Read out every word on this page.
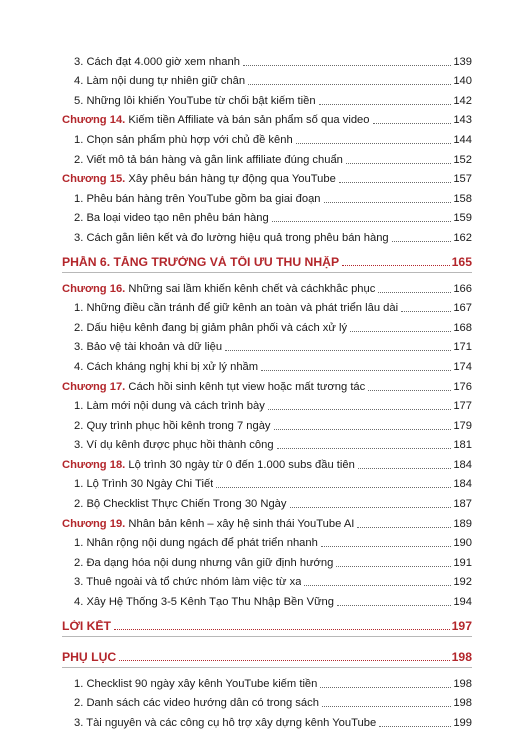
3. Cách đạt 4.000 giờ xem nhanh	139
4. Làm nội dung tự nhiên giữ chân	140
5. Những lỗi khiến YouTube từ chối bật kiếm tiền	142
Chương 14. Kiếm tiền Affiliate và bán sản phẩm số qua video	143
1. Chọn sản phẩm phù hợp với chủ đề kênh	144
2. Viết mô tả bán hàng và gắn link affiliate đúng chuẩn	152
Chương 15. Xây phễu bán hàng tự động qua YouTube	157
1. Phễu bán hàng trên YouTube gồm ba giai đoạn	158
2. Ba loại video tạo nên phễu bán hàng	159
3. Cách gắn liên kết và đo lường hiệu quả trong phễu bán hàng	162
PHẦN 6. TĂNG TRƯỞNG VÀ TỐI ƯU THU NHẬP	165
Chương 16. Những sai lầm khiến kênh chết và cáchkhắc phục	166
1. Những điều cần tránh để giữ kênh an toàn và phát triển lâu dài	167
2. Dấu hiệu kênh đang bị giảm phân phối và cách xử lý	168
3. Bảo vệ tài khoản và dữ liệu	171
4. Cách kháng nghị khi bị xử lý nhầm	174
Chương 17. Cách hồi sinh kênh tụt view hoặc mất tương tác	176
1. Làm mới nội dung và cách trình bày	177
2. Quy trình phục hồi kênh trong 7 ngày	179
3. Ví dụ kênh được phục hồi thành công	181
Chương 18. Lộ trình 30 ngày từ 0 đến 1.000 subs đầu tiên	184
1. Lộ Trình 30 Ngày Chi Tiết	184
2. Bộ Checklist Thực Chiến Trong 30 Ngày	187
Chương 19. Nhân bản kênh – xây hệ sinh thái YouTube AI	189
1. Nhân rộng nội dung ngách để phát triển nhanh	190
2. Đa dạng hóa nội dung nhưng vẫn giữ định hướng	191
3. Thuê ngoài và tổ chức nhóm làm việc từ xa	192
4. Xây Hệ Thống 3-5 Kênh Tạo Thu Nhập Bền Vững	194
LỜI KẾT	197
PHỤ LỤC	198
1. Checklist 90 ngày xây kênh YouTube kiếm tiền	198
2. Danh sách các video hướng dẫn có trong sách	198
3. Tài nguyên và các công cụ hỗ trợ xây dựng kênh YouTube	199
